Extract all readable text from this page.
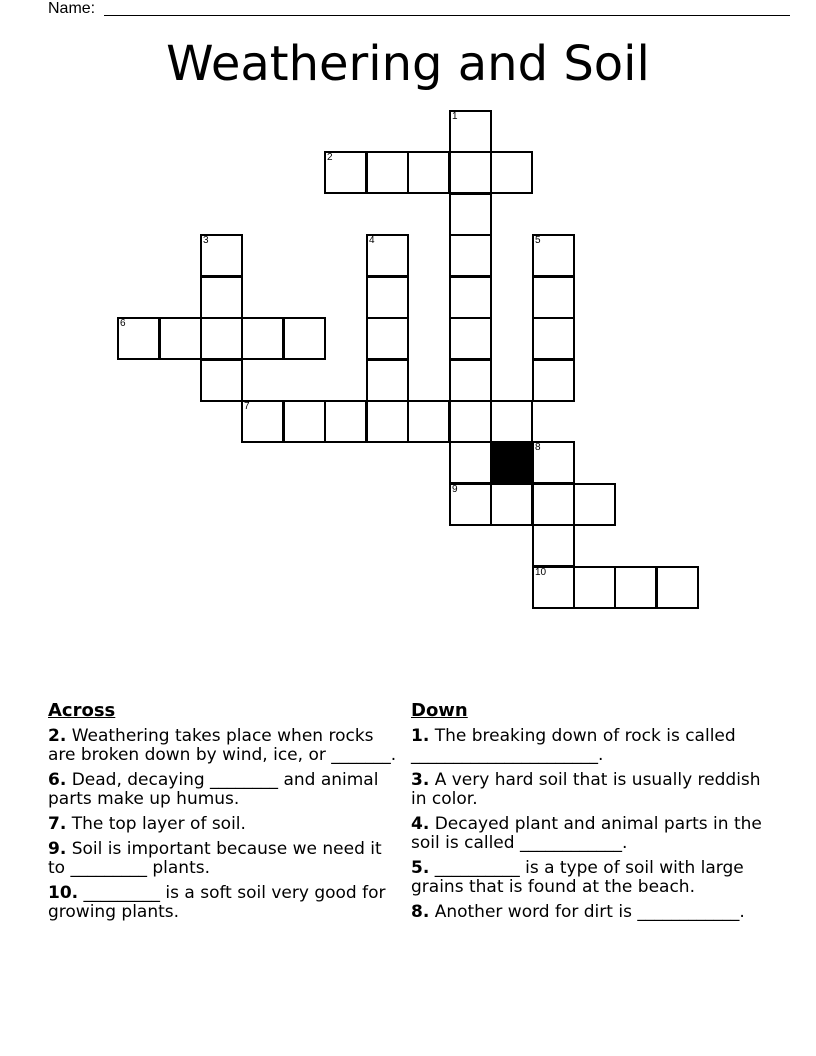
Name:
Weathering and Soil
1
2
3	4	5
6
7
8
9
10
Across
2. Weathering takes place when rocks are broken down by wind, ice, or _______.
6. Dead, decaying ________ and animal parts make up humus.
7. The top layer of soil.
9. Soil is important because we need it to _________ plants.
10. _________ is a soft soil very good for growing plants.
Down
1. The breaking down of rock is called ______________________.
3. A very hard soil that is usually reddish in color.
4. Decayed plant and animal parts in the soil is called ____________.
5. __________ is a type of soil with large grains that is found at the beach.
8. Another word for dirt is ____________.
